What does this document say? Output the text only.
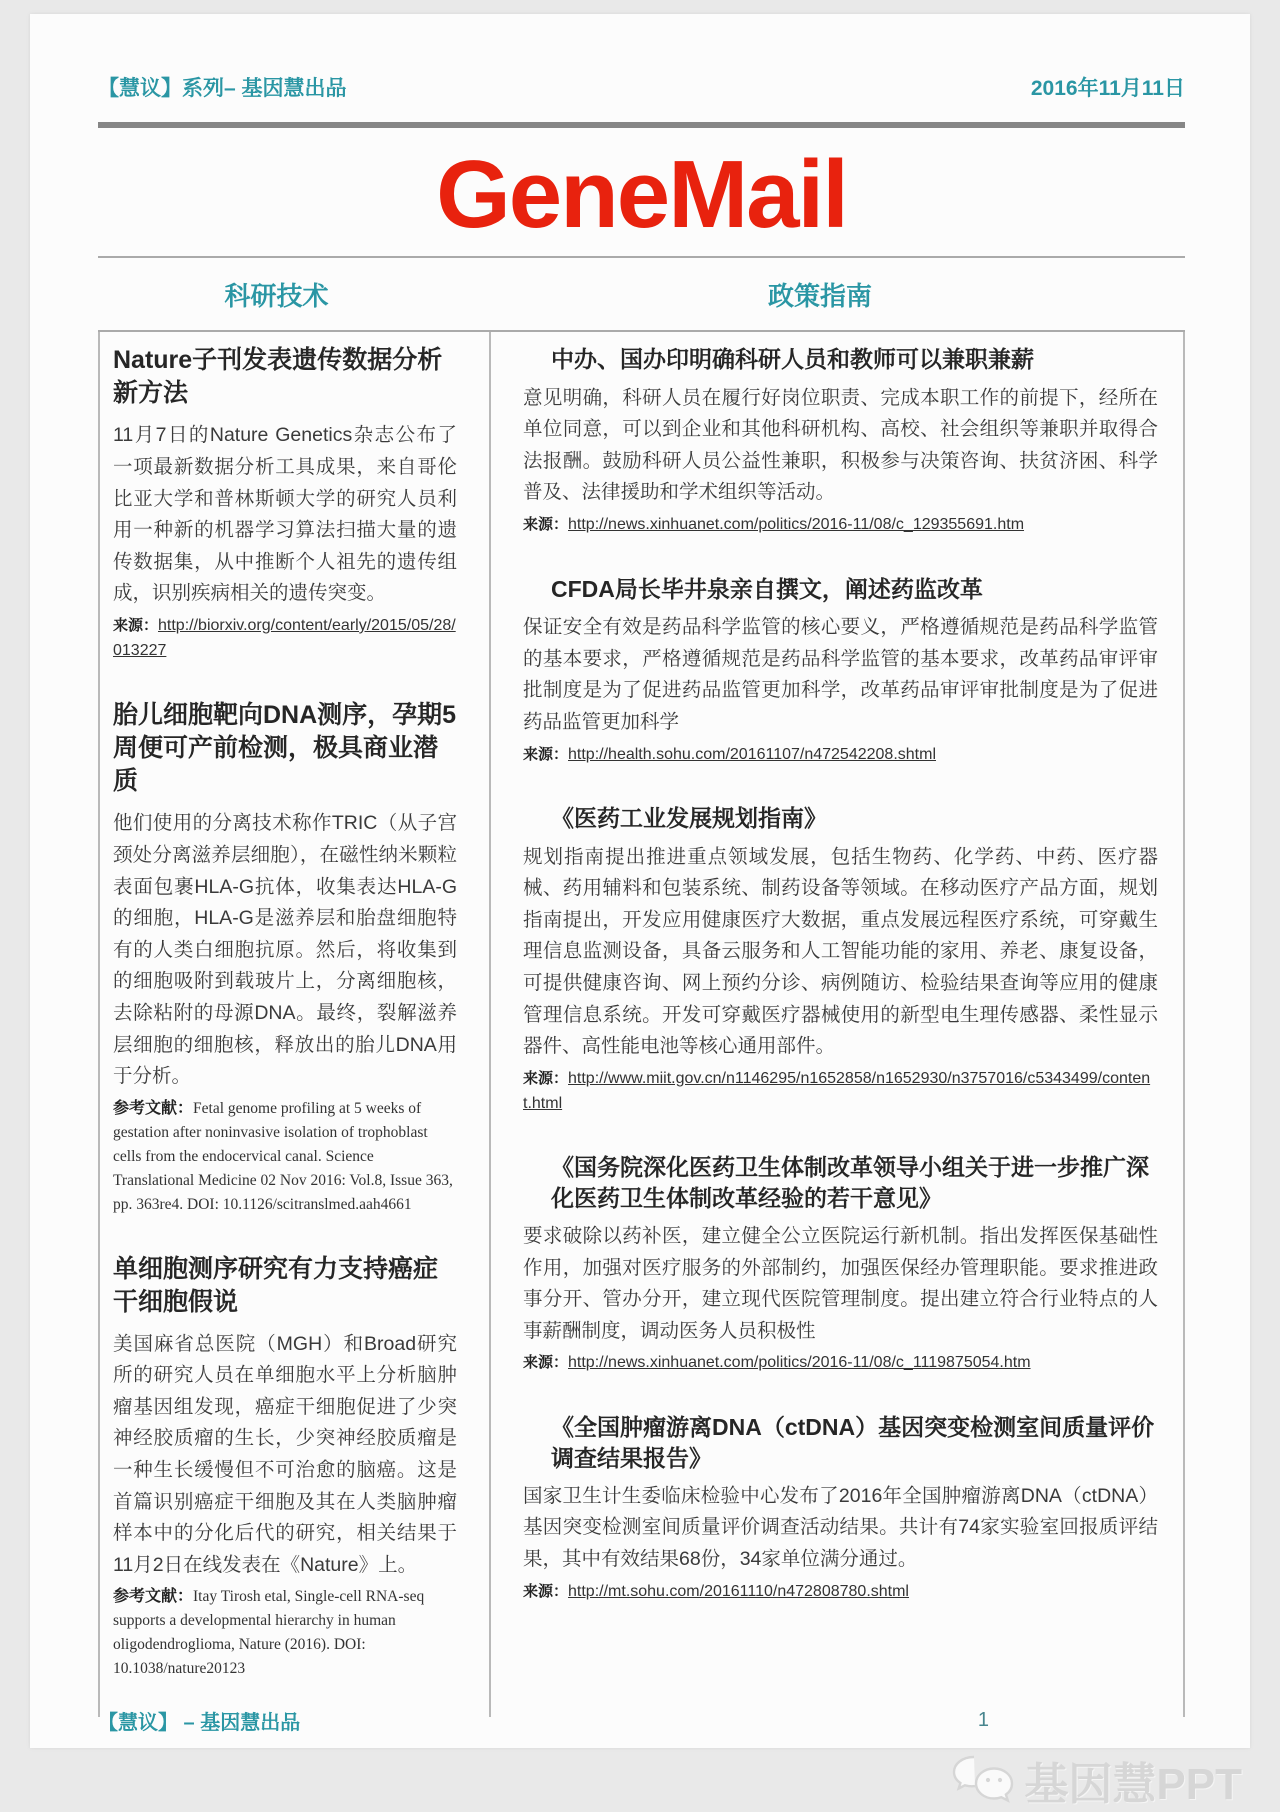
【慧议】系列– 基因慧出品	2016年11月11日
GeneMail
科研技术	政策指南
Nature子刊发表遗传数据分析新方法
11月7日的Nature Genetics杂志公布了一项最新数据分析工具成果，来自哥伦比亚大学和普林斯顿大学的研究人员利用一种新的机器学习算法扫描大量的遗传数据集，从中推断个人祖先的遗传组成，识别疾病相关的遗传突变。
来源：http://biorxiv.org/content/early/2015/05/28/013227
胎儿细胞靶向DNA测序，孕期5周便可产前检测，极具商业潜质
他们使用的分离技术称作TRIC（从子宫颈处分离滋养层细胞），在磁性纳米颗粒表面包裹HLA-G抗体，收集表达HLA-G的细胞，HLA-G是滋养层和胎盘细胞特有的人类白细胞抗原。然后，将收集到的细胞吸附到载玻片上，分离细胞核，去除粘附的母源DNA。最终，裂解滋养层细胞的细胞核，释放出的胎儿DNA用于分析。
参考文献：Fetal genome profiling at 5 weeks of gestation after noninvasive isolation of trophoblast cells from the endocervical canal. Science Translational Medicine 02 Nov 2016: Vol.8, Issue 363, pp. 363re4. DOI: 10.1126/scitranslmed.aah4661
单细胞测序研究有力支持癌症干细胞假说
美国麻省总医院（MGH）和Broad研究所的研究人员在单细胞水平上分析脑肿瘤基因组发现，癌症干细胞促进了少突神经胶质瘤的生长，少突神经胶质瘤是一种生长缓慢但不可治愈的脑癌。这是首篇识别癌症干细胞及其在人类脑肿瘤样本中的分化后代的研究，相关结果于11月2日在线发表在《Nature》上。
参考文献：Itay Tirosh etal, Single-cell RNA-seq supports a developmental hierarchy in human oligodendroglioma, Nature (2016). DOI: 10.1038/nature20123
中办、国办印明确科研人员和教师可以兼职兼薪
意见明确，科研人员在履行好岗位职责、完成本职工作的前提下，经所在单位同意，可以到企业和其他科研机构、高校、社会组织等兼职并取得合法报酬。鼓励科研人员公益性兼职，积极参与决策咨询、扶贫济困、科学普及、法律援助和学术组织等活动。
来源：http://news.xinhuanet.com/politics/2016-11/08/c_129355691.htm
CFDA局长毕井泉亲自撰文，阐述药监改革
保证安全有效是药品科学监管的核心要义，严格遵循规范是药品科学监管的基本要求，严格遵循规范是药品科学监管的基本要求，改革药品审评审批制度是为了促进药品监管更加科学，改革药品审评审批制度是为了促进药品监管更加科学
来源：http://health.sohu.com/20161107/n472542208.shtml
《医药工业发展规划指南》
规划指南提出推进重点领域发展，包括生物药、化学药、中药、医疗器械、药用辅料和包装系统、制药设备等领域。在移动医疗产品方面，规划指南提出，开发应用健康医疗大数据，重点发展远程医疗系统，可穿戴生理信息监测设备，具备云服务和人工智能功能的家用、养老、康复设备，可提供健康咨询、网上预约分诊、病例随访、检验结果查询等应用的健康管理信息系统。开发可穿戴医疗器械使用的新型电生理传感器、柔性显示器件、高性能电池等核心通用部件。
来源：http://www.miit.gov.cn/n1146295/n1652858/n1652930/n3757016/c5343499/content.html
《国务院深化医药卫生体制改革领导小组关于进一步推广深化医药卫生体制改革经验的若干意见》
要求破除以药补医，建立健全公立医院运行新机制。指出发挥医保基础性作用，加强对医疗服务的外部制约，加强医保经办管理职能。要求推进政事分开、管办分开，建立现代医院管理制度。提出建立符合行业特点的人事薪酬制度，调动医务人员积极性
来源：http://news.xinhuanet.com/politics/2016-11/08/c_1119875054.htm
《全国肿瘤游离DNA（ctDNA）基因突变检测室间质量评价调查结果报告》
国家卫生计生委临床检验中心发布了2016年全国肿瘤游离DNA（ctDNA）基因突变检测室间质量评价调查活动结果。共计有74家实验室回报质评结果，其中有效结果68份，34家单位满分通过。
来源：http://mt.sohu.com/20161110/n472808780.shtml
【慧议】 – 基因慧出品	1
基因慧PPT
